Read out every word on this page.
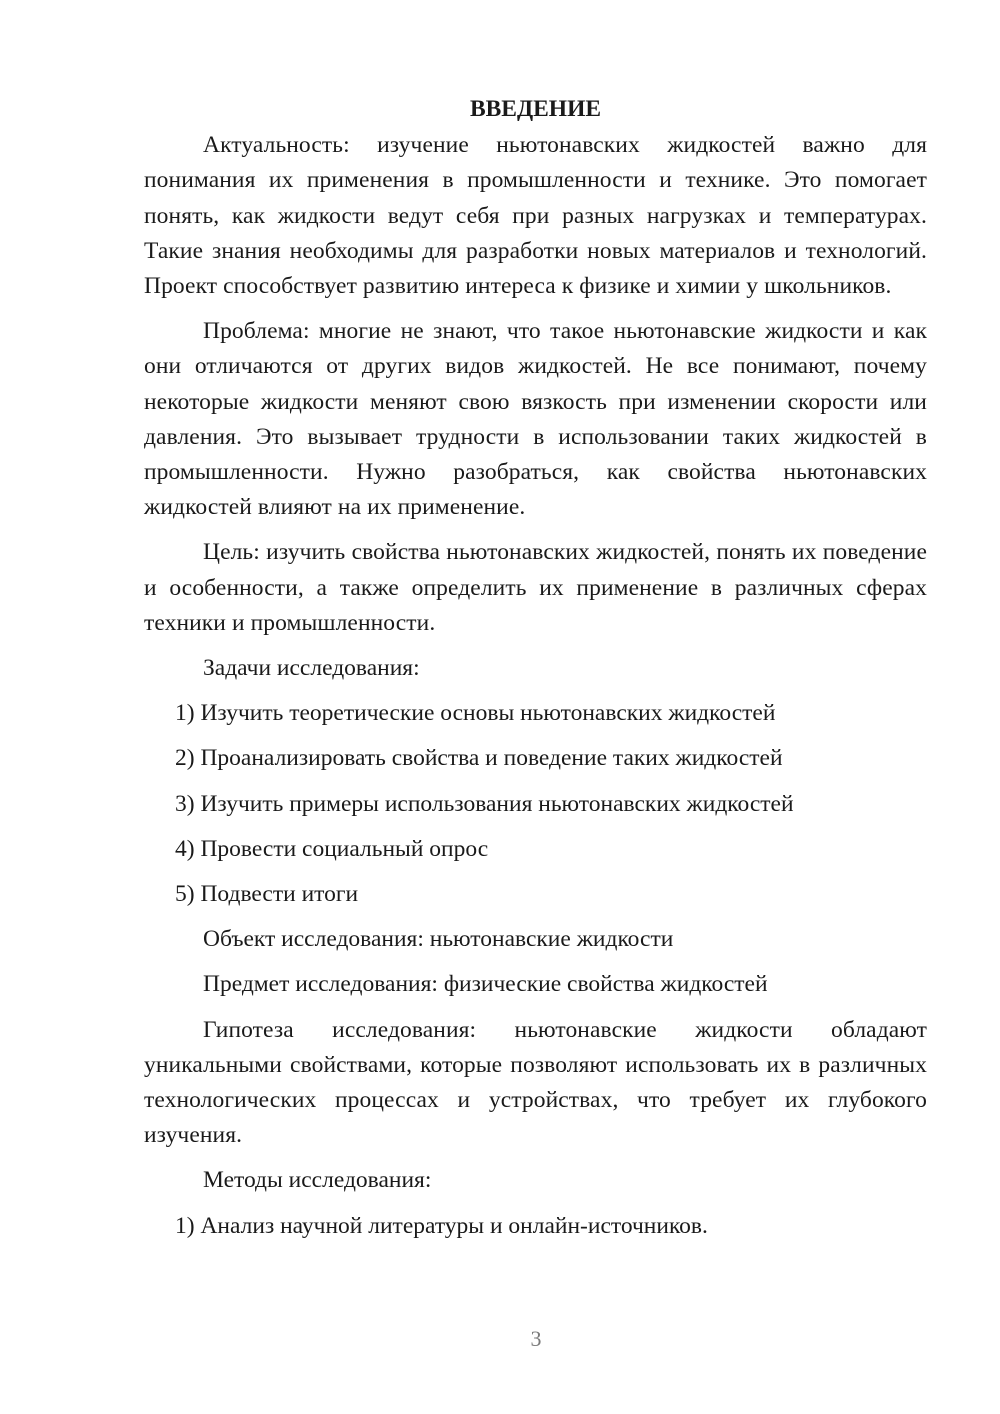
ВВЕДЕНИЕ

Актуальность: изучение ньютонавских жидкостей важно для понимания их применения в промышленности и технике. Это помогает понять, как жидкости ведут себя при разных нагрузках и температурах. Такие знания необходимы для разработки новых материалов и технологий. Проект способствует развитию интереса к физике и химии у школьников.

Проблема: многие не знают, что такое ньютонавские жидкости и как они отличаются от других видов жидкостей. Не все понимают, почему некоторые жидкости меняют свою вязкость при изменении скорости или давления. Это вызывает трудности в использовании таких жидкостей в промышленности. Нужно разобраться, как свойства ньютонавских жидкостей влияют на их применение.

Цель: изучить свойства ньютонавских жидкостей, понять их поведение и особенности, а также определить их применение в различных сферах техники и промышленности.

Задачи исследования:
1) Изучить теоретические основы ньютонавских жидкостей
2) Проанализировать свойства и поведение таких жидкостей
3) Изучить примеры использования ньютонавских жидкостей
4) Провести социальный опрос
5) Подвести итоги
Объект исследования: ньютонавские жидкости
Предмет исследования: физические свойства жидкостей

Гипотеза исследования: ньютонавские жидкости обладают уникальными свойствами, которые позволяют использовать их в различных технологических процессах и устройствах, что требует их глубокого изучения.

Методы исследования:
1) Анализ научной литературы и онлайн-источников.
3
